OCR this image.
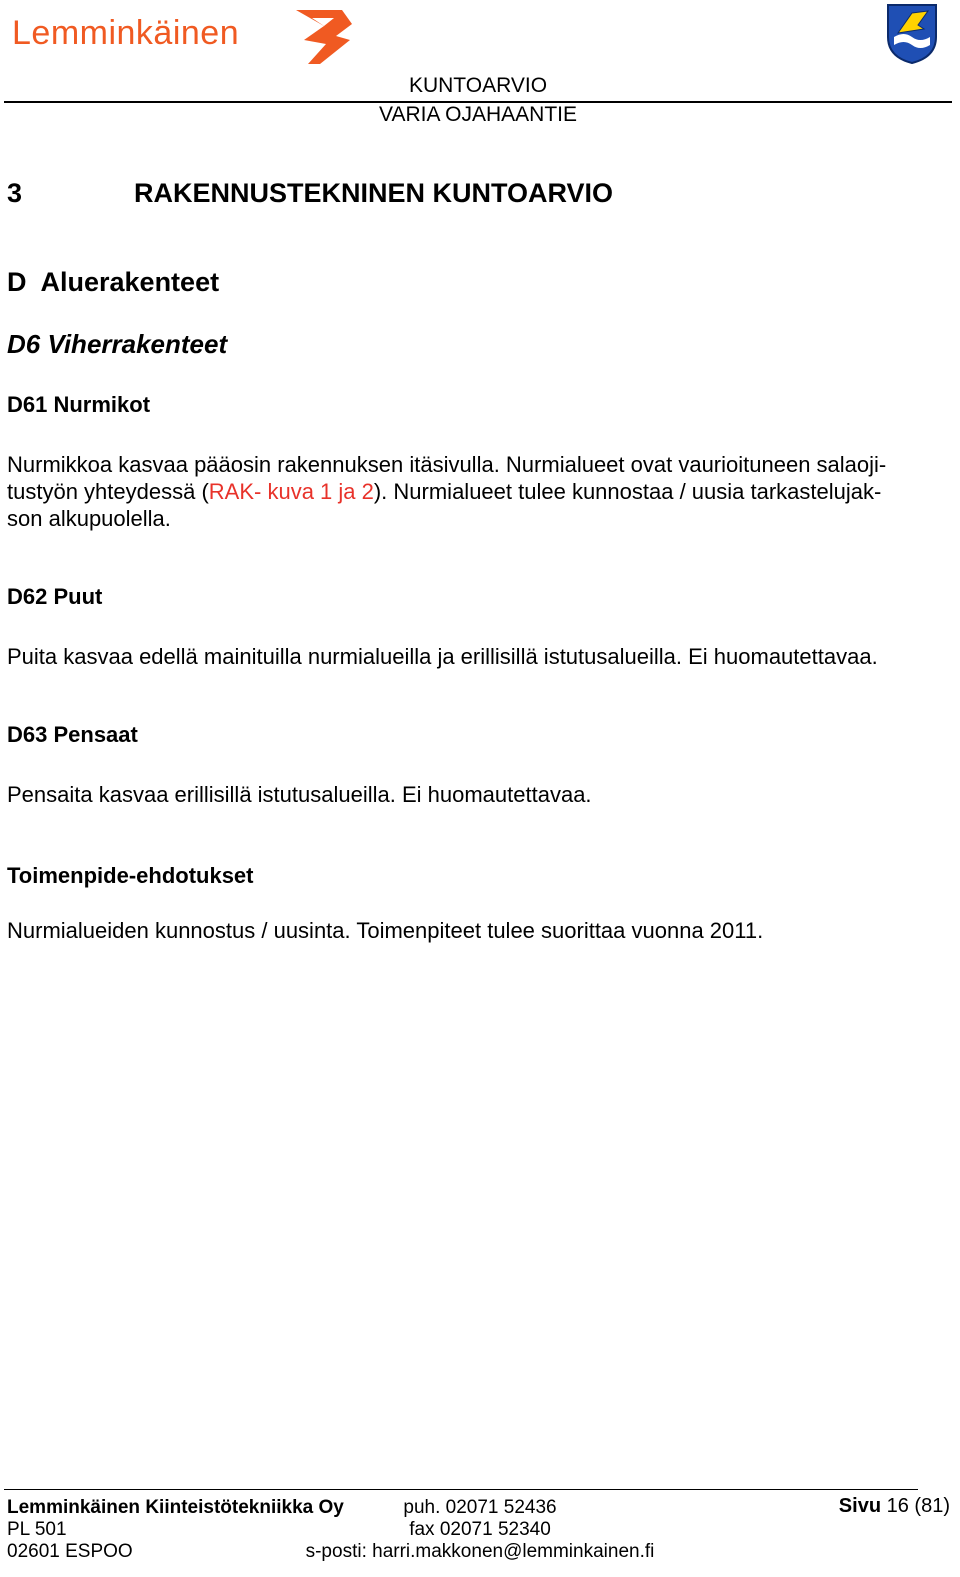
Lemminkäinen
KUNTOARVIO
VARIA OJAHAANTIE
3	RAKENNUSTEKNINEN KUNTOARVIO
D  Aluerakenteet
D6 Viherrakenteet
D61 Nurmikot
Nurmikkoa kasvaa pääosin rakennuksen itäsivulla. Nurmialueet ovat vaurioituneen salaoji-
tustyön yhteydessä (RAK- kuva 1 ja 2). Nurmialueet tulee kunnostaa / uusia tarkastelujak-
son alkupuolella.
D62 Puut
Puita kasvaa edellä mainituilla nurmialueilla ja erillisillä istutusalueilla. Ei huomautettavaa.
D63 Pensaat
Pensaita kasvaa erillisillä istutusalueilla. Ei huomautettavaa.
Toimenpide-ehdotukset
Nurmialueiden kunnostus / uusinta. Toimenpiteet tulee suorittaa vuonna 2011.
Lemminkäinen Kiinteistötekniikka Oy
PL 501
02601 ESPOO
puh. 02071 52436
fax 02071 52340
s-posti: harri.makkonen@lemminkainen.fi
Sivu 16 (81)
